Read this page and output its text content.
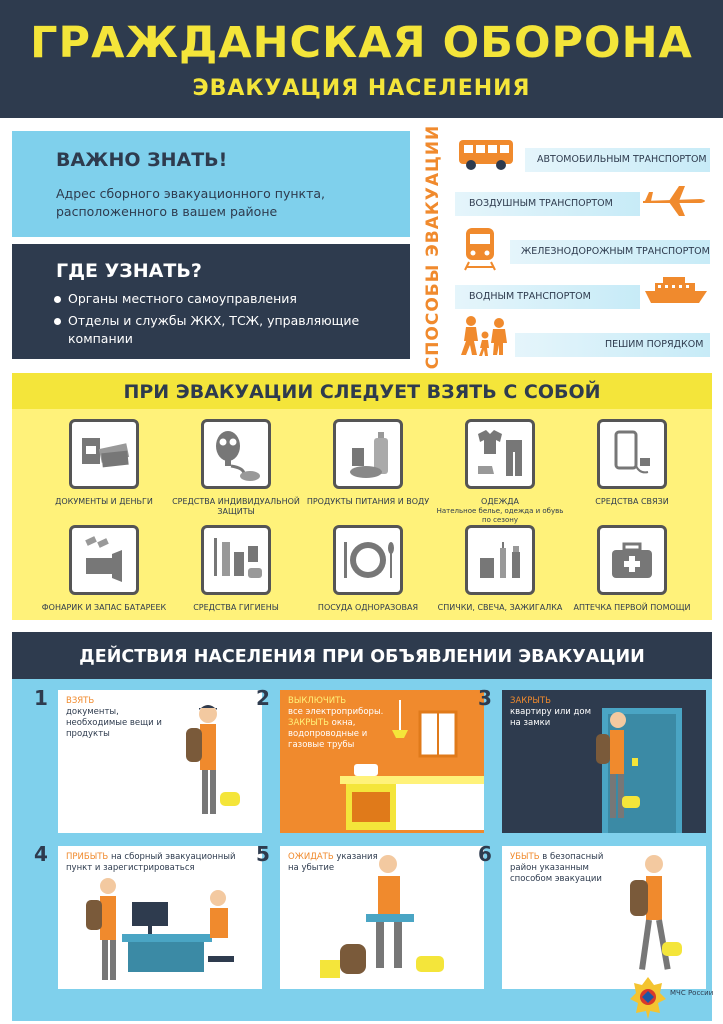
ГРАЖДАНСКАЯ ОБОРОНА
ЭВАКУАЦИЯ НАСЕЛЕНИЯ
ВАЖНО ЗНАТЬ!
Адрес сборного эвакуационного пункта, расположенного в вашем районе
ГДЕ УЗНАТЬ?
Органы местного самоуправления
Отделы и службы ЖКХ, ТСЖ, управляющие компании	СПОСОБЫ ЭВАКУАЦИИ	АВТОМОБИЛЬНЫМ ТРАНСПОРТОМ
ВОЗДУШНЫМ ТРАНСПОРТОМ
ЖЕЛЕЗНОДОРОЖНЫМ ТРАНСПОРТОМ
ВОДНЫМ ТРАНСПОРТОМ
ПЕШИМ ПОРЯДКОМ
ПРИ ЭВАКУАЦИИ СЛЕДУЕТ ВЗЯТЬ С СОБОЙ
ДОКУМЕНТЫ И ДЕНЬГИ	СРЕДСТВА ИНДИВИДУАЛЬНОЙ ЗАЩИТЫ
ПРОДУКТЫ ПИТАНИЯ И ВОДУ	ОДЕЖДА
Нательное белье, одежда и обувь по сезону
СРЕДСТВА СВЯЗИ
ФОНАРИК И ЗАПАС БАТАРЕЕК	СРЕДСТВА ГИГИЕНЫ	ПОСУДА ОДНОРАЗОВАЯ	СПИЧКИ, СВЕЧА, ЗАЖИГАЛКА	АПТЕЧКА ПЕРВОЙ ПОМОЩИ
ДЕЙСТВИЯ НАСЕЛЕНИЯ ПРИ ОБЪЯВЛЕНИИ ЭВАКУАЦИИ
1 ВЗЯТЬ
документы, необходимые вещи и продукты
2 ВЫКЛЮЧИТЬ
все электроприборы.
ЗАКРЫТЬ окна, водопроводные и газовые трубы
3 ЗАКРЫТЬ
квартиру или дом на замки
4 ПРИБЫТЬ на сборный эвакуационный пункт и зарегистрироваться
5 ОЖИДАТЬ указания на убытие
6 УБЫТЬ в безопасный район указанным способом эвакуации
МЧС России
